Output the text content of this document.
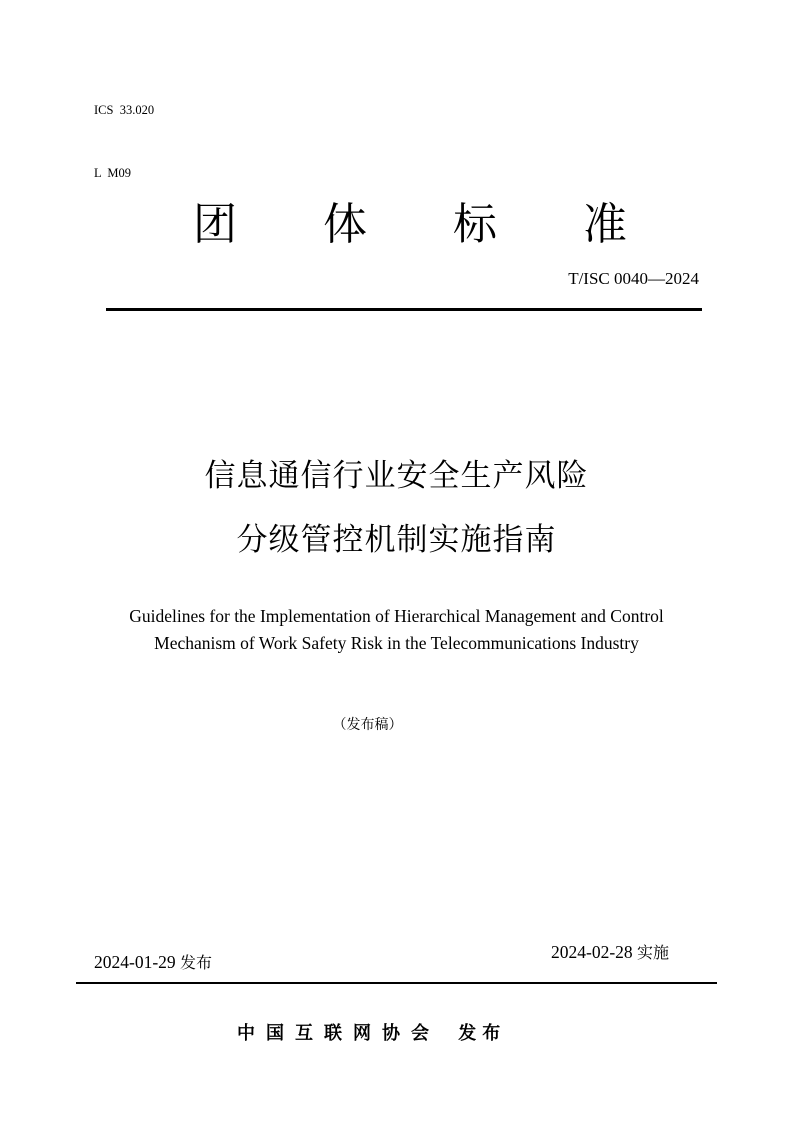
ICS  33.020

L  M09

团 体 标 准
T/ISC 0040—2024
信息通信行业安全生产风险
分级管控机制实施指南
Guidelines for the Implementation of Hierarchical Management and Control
Mechanism of Work Safety Risk in the Telecommunications Industry
（发布稿）
2024-01-29 发布
2024-02-28 实施
中国互联网协会 发布
